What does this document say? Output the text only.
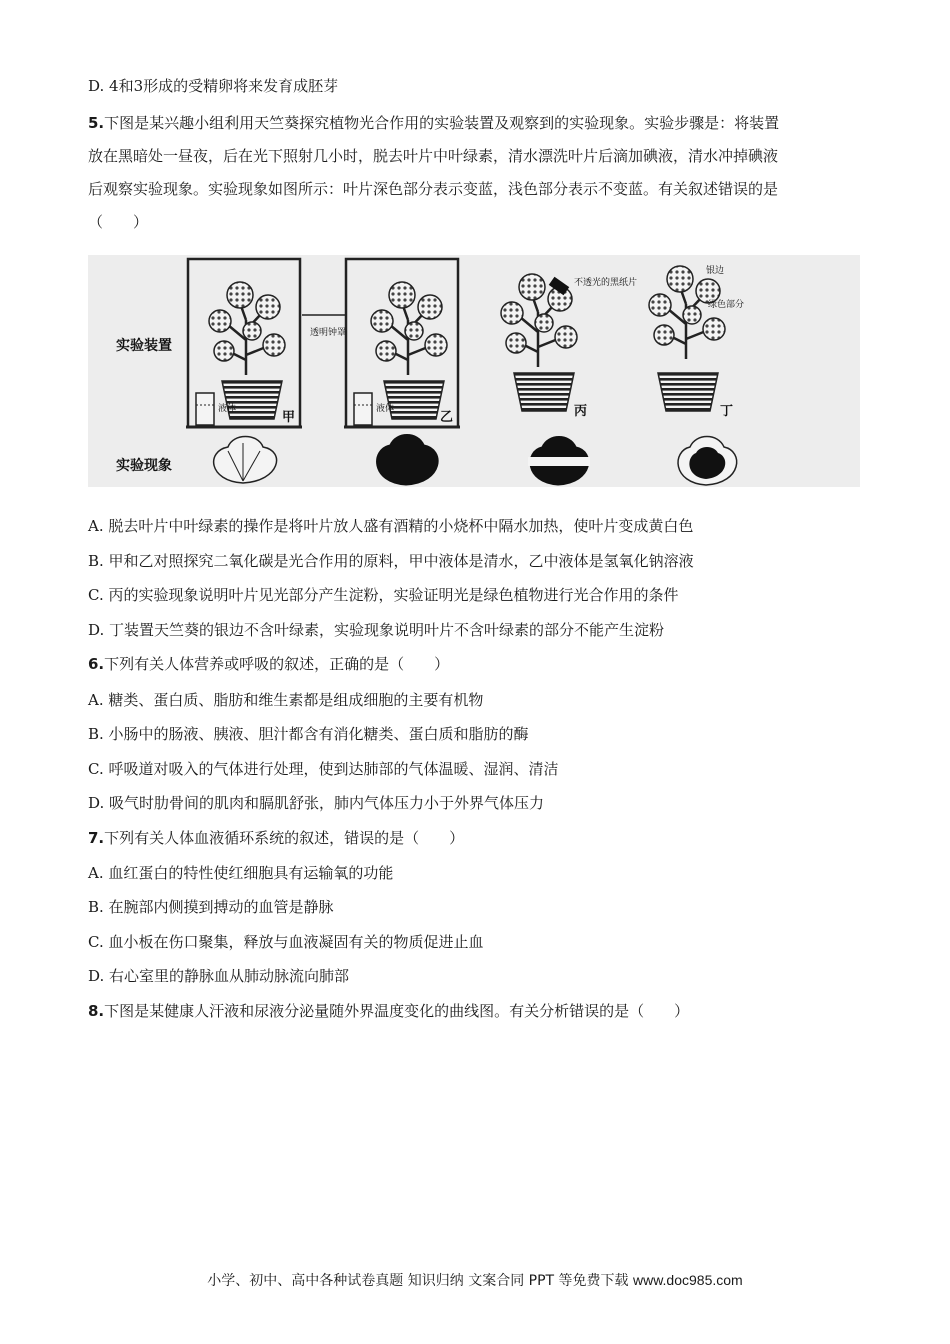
D. 4和3形成的受精卵将来发育成胚芽
5.下图是某兴趣小组利用天竺葵探究植物光合作用的实验装置及观察到的实验现象。实验步骤是：将装置
放在黑暗处一昼夜，后在光下照射几小时，脱去叶片中叶绿素，清水漂洗叶片后滴加碘液，清水冲掉碘液
后观察实验现象。实验现象如图所示：叶片深色部分表示变蓝，浅色部分表示不变蓝。有关叙述错误的是
（　　）
实验装置
实验现象
液体
甲
透明钟罩
液体
乙
不透光的黑纸片
丙
银边
绿色部分
丁
A. 脱去叶片中叶绿素的操作是将叶片放人盛有酒精的小烧杯中隔水加热，使叶片变成黄白色
B. 甲和乙对照探究二氧化碳是光合作用的原料，甲中液体是清水，乙中液体是氢氧化钠溶液
C. 丙的实验现象说明叶片见光部分产生淀粉，实验证明光是绿色植物进行光合作用的条件
D. 丁装置天竺葵的银边不含叶绿素，实验现象说明叶片不含叶绿素的部分不能产生淀粉
6.下列有关人体营养或呼吸的叙述，正确的是（　　）
A. 糖类、蛋白质、脂肪和维生素都是组成细胞的主要有机物
B. 小肠中的肠液、胰液、胆汁都含有消化糖类、蛋白质和脂肪的酶
C. 呼吸道对吸入的气体进行处理，使到达肺部的气体温暖、湿润、清洁
D. 吸气时肋骨间的肌肉和膈肌舒张，肺内气体压力小于外界气体压力
7.下列有关人体血液循环系统的叙述，错误的是（　　）
A. 血红蛋白的特性使红细胞具有运输氧的功能
B. 在腕部内侧摸到搏动的血管是静脉
C. 血小板在伤口聚集，释放与血液凝固有关的物质促进止血
D. 右心室里的静脉血从肺动脉流向肺部
8.下图是某健康人汗液和尿液分泌量随外界温度变化的曲线图。有关分析错误的是（　　）
小学、初中、高中各种试卷真题 知识归纳 文案合同 PPT 等免费下载 www.doc985.com
